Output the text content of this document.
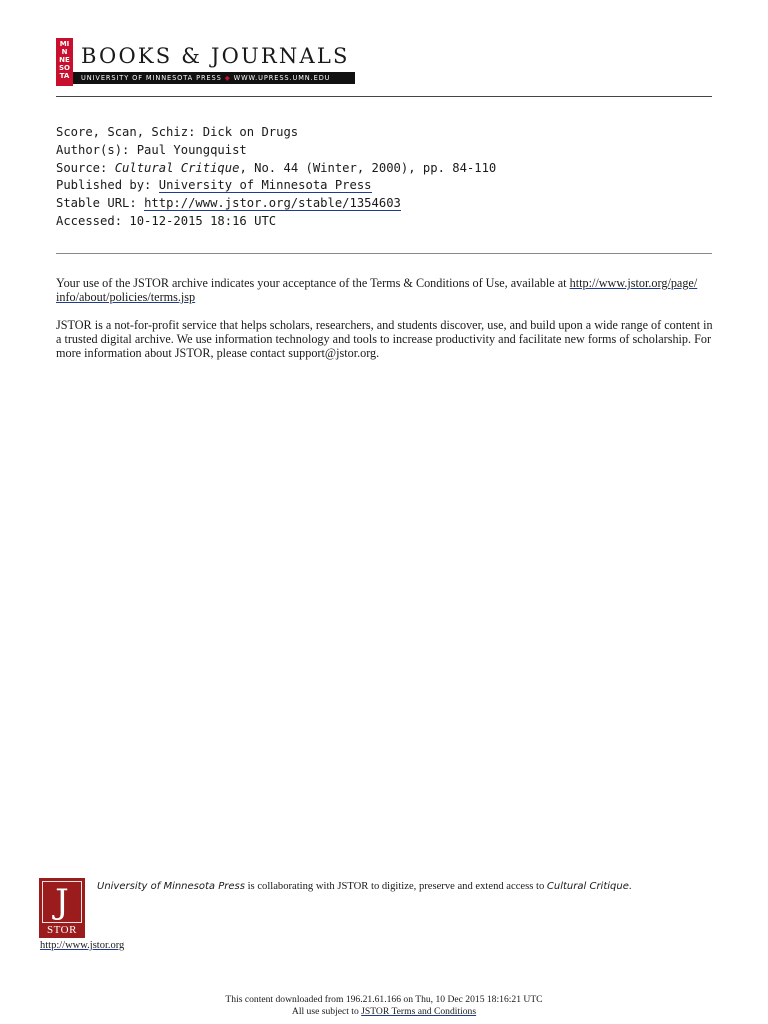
MI
N
NE
SO
TA
BOOKS & JOURNALS
UNIVERSITY OF MINNESOTA PRESS ◆ WWW.UPRESS.UMN.EDU
Score, Scan, Schiz: Dick on Drugs
Author(s): Paul Youngquist
Source: Cultural Critique, No. 44 (Winter, 2000), pp. 84-110
Published by: University of Minnesota Press
Stable URL: http://www.jstor.org/stable/1354603
Accessed: 10-12-2015 18:16 UTC
Your use of the JSTOR archive indicates your acceptance of the Terms & Conditions of Use, available at http://www.jstor.org/page/
info/about/policies/terms.jsp
JSTOR is a not-for-profit service that helps scholars, researchers, and students discover, use, and build upon a wide range of content in a trusted digital archive. We use information technology and tools to increase productivity and facilitate new forms of scholarship. For more information about JSTOR, please contact support@jstor.org.
University of Minnesota Press is collaborating with JSTOR to digitize, preserve and extend access to Cultural Critique.
J
STOR
http://www.jstor.org
This content downloaded from 196.21.61.166 on Thu, 10 Dec 2015 18:16:21 UTC
All use subject to JSTOR Terms and Conditions
